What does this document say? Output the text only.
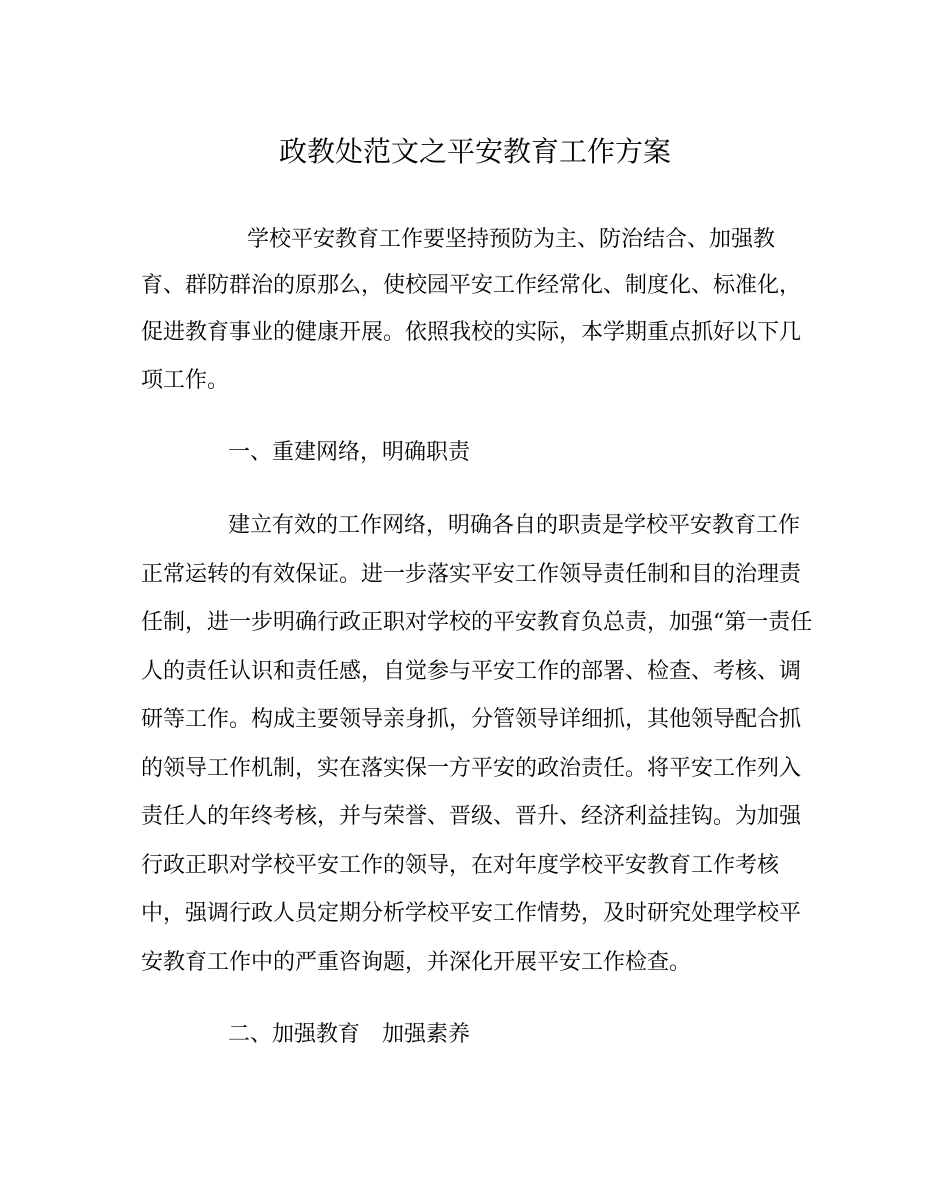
政教处范文之平安教育工作方案
学校平安教育工作要坚持预防为主、防治结合、加强教
育、群防群治的原那么，使校园平安工作经常化、制度化、标准化，
促进教育事业的健康开展。依照我校的实际，本学期重点抓好以下几
项工作。
一、重建网络，明确职责
建立有效的工作网络，明确各自的职责是学校平安教育工作
正常运转的有效保证。进一步落实平安工作领导责任制和目的治理责
任制，进一步明确行政正职对学校的平安教育负总责，加强“第一责任
人的责任认识和责任感，自觉参与平安工作的部署、检查、考核、调
研等工作。构成主要领导亲身抓，分管领导详细抓，其他领导配合抓
的领导工作机制，实在落实保一方平安的政治责任。将平安工作列入
责任人的年终考核，并与荣誉、晋级、晋升、经济利益挂钩。为加强
行政正职对学校平安工作的领导，在对年度学校平安教育工作考核
中，强调行政人员定期分析学校平安工作情势，及时研究处理学校平
安教育工作中的严重咨询题，并深化开展平安工作检查。
二、加强教育　加强素养
